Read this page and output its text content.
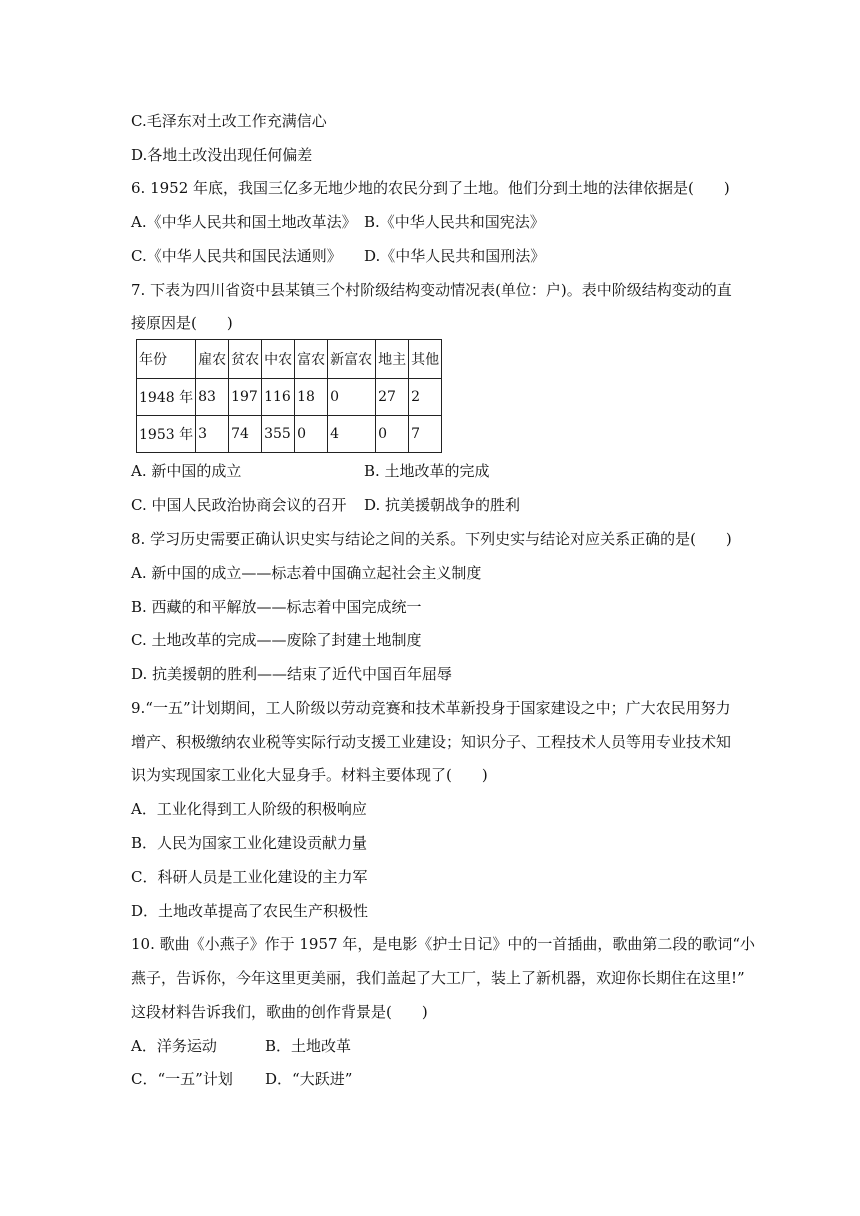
C.毛泽东对土改工作充满信心
D.各地土改没出现任何偏差
6. 1952 年底，我国三亿多无地少地的农民分到了土地。他们分到土地的法律依据是(　　)
A.《中华人民共和国土地改革法》 B.《中华人民共和国宪法》
C.《中华人民共和国民法通则》 D.《中华人民共和国刑法》
7. 下表为四川省资中县某镇三个村阶级结构变动情况表(单位：户)。表中阶级结构变动的直
接原因是(　　)
年份	雇农	贫农	中农	富农	新富农	地主	其他
1948 年	83	197	116	18	0	27	2
1953 年	3	74	355	0	4	0	7
A. 新中国的成立	B. 土地改革的完成
C. 中国人民政治协商会议的召开 D. 抗美援朝战争的胜利
8. 学习历史需要正确认识史实与结论之间的关系。下列史实与结论对应关系正确的是(　　)
A. 新中国的成立——标志着中国确立起社会主义制度
B. 西藏的和平解放——标志着中国完成统一
C. 土地改革的完成——废除了封建土地制度
D. 抗美援朝的胜利——结束了近代中国百年屈辱
9.“一五”计划期间，工人阶级以劳动竞赛和技术革新投身于国家建设之中；广大农民用努力
增产、积极缴纳农业税等实际行动支援工业建设；知识分子、工程技术人员等用专业技术知
识为实现国家工业化大显身手。材料主要体现了(　　)
A．工业化得到工人阶级的积极响应
B．人民为国家工业化建设贡献力量
C．科研人员是工业化建设的主力军
D．土地改革提高了农民生产积极性
10. 歌曲《小燕子》作于 1957 年，是电影《护士日记》中的一首插曲，歌曲第二段的歌词“小
燕子，告诉你，今年这里更美丽，我们盖起了大工厂，装上了新机器，欢迎你长期住在这里!”
这段材料告诉我们，歌曲的创作背景是(　　)
A．洋务运动	B．土地改革
C．“一五”计划 D．“大跃进”
